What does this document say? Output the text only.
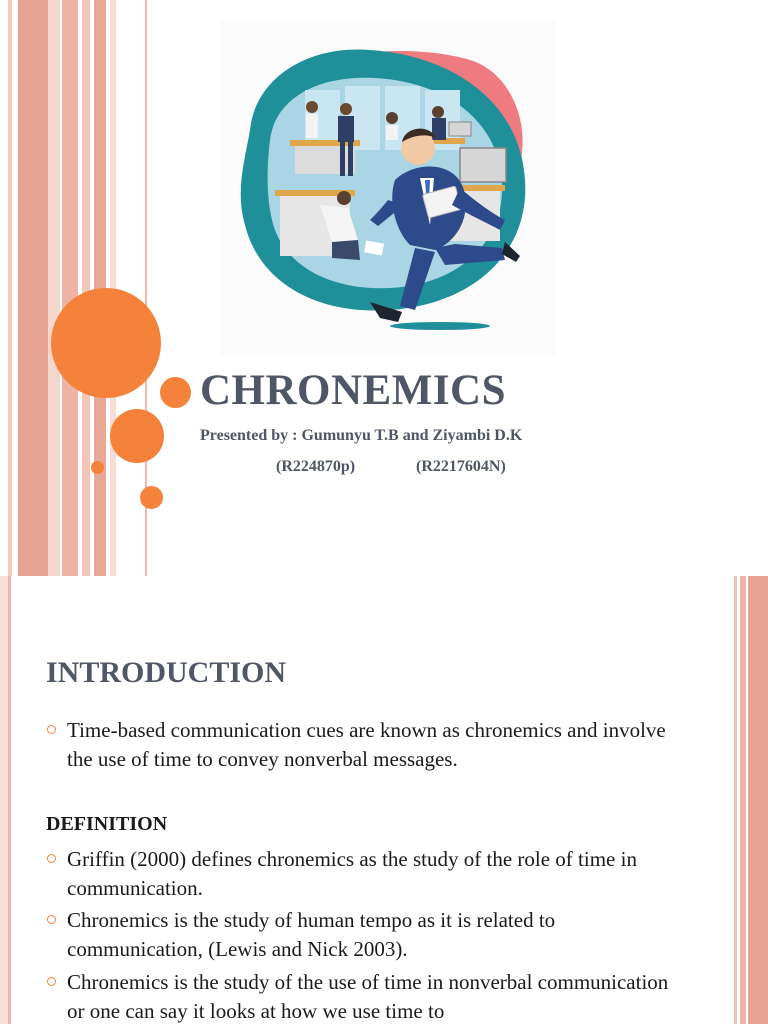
CHRONEMICS
Presented by : Gumunyu T.B and Ziyambi D.K
(R224870p)	(R2217604N)
INTRODUCTION
Time-based communication cues are known as chronemics and involve the use of time to convey nonverbal messages.
DEFINITION
Griffin (2000) defines chronemics as the study of the role of time in communication.
Chronemics is the study of human tempo as it is related to communication, (Lewis and Nick 2003).
Chronemics is the study of the use of time in nonverbal communication or one can say it looks at how we use time to
